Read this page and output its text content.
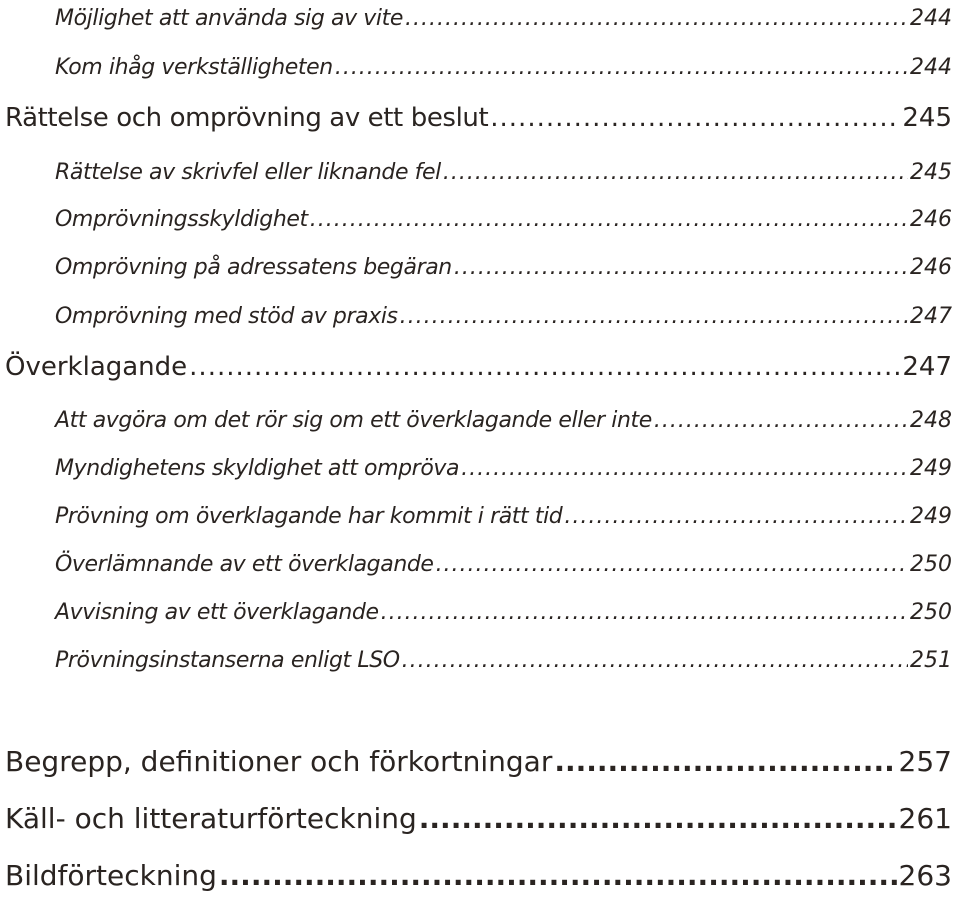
Möjlighet att använda sig av vite .....	244
Kom ihåg verkställigheten .....	244
Rättelse och omprövning av ett beslut .....	245
Rättelse av skrivfel eller liknande fel .....	245
Omprövningsskyldighet .....	246
Omprövning på adressatens begäran .....	246
Omprövning med stöd av praxis .....	247
Överklagande .....	247
Att avgöra om det rör sig om ett överklagande eller inte .....	248
Myndighetens skyldighet att ompröva .....	249
Prövning om överklagande har kommit i rätt tid .....	249
Överlämnande av ett överklagande .....	250
Avvisning av ett överklagande .....	250
Prövningsinstanserna enligt LSO .....	251
Begrepp, definitioner och förkortningar .....	257
Käll- och litteraturförteckning .....	261
Bildförteckning .....	263
